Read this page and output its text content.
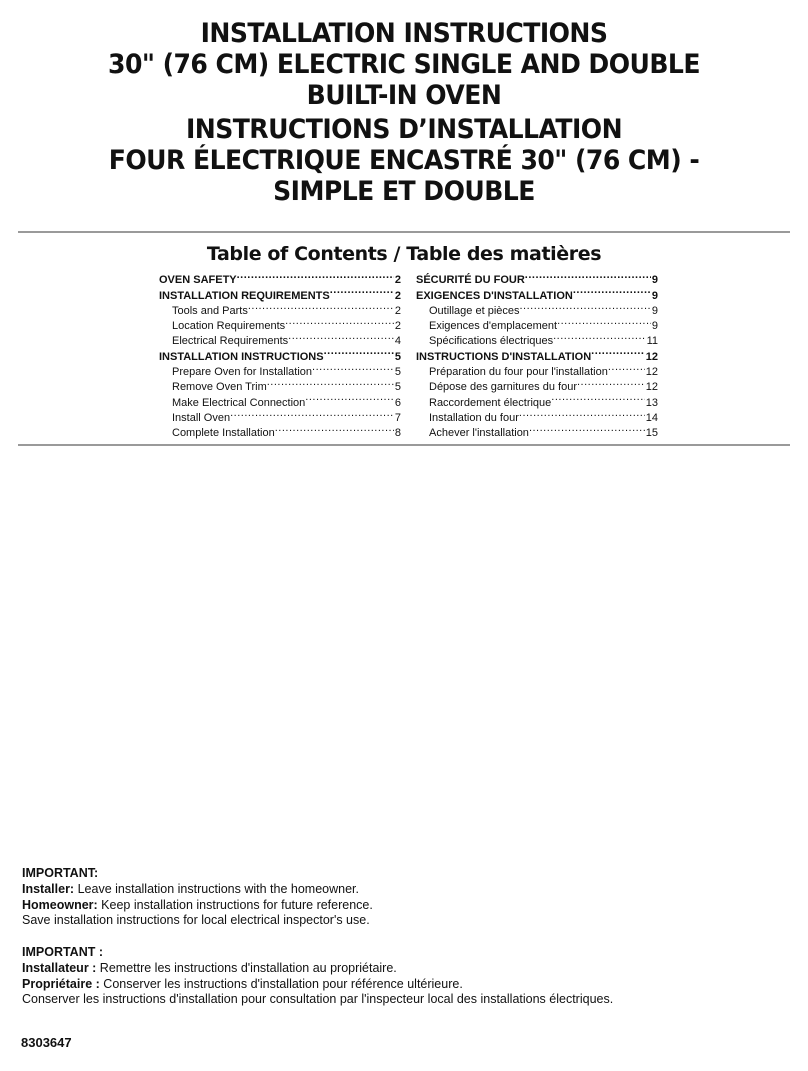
INSTALLATION INSTRUCTIONS
30" (76 CM) ELECTRIC SINGLE AND DOUBLE
BUILT-IN OVEN
INSTRUCTIONS D’INSTALLATION
FOUR ÉLECTRIQUE ENCASTRÉ 30" (76 CM) -
SIMPLE ET DOUBLE
Table of Contents / Table des matières
OVEN SAFETY .....	2
INSTALLATION REQUIREMENTS .....	2
Tools and Parts .....	2
Location Requirements .....	2
Electrical Requirements .....	4
INSTALLATION INSTRUCTIONS .....	5
Prepare Oven for Installation .....	5
Remove Oven Trim .....	5
Make Electrical Connection .....	6
Install Oven .....	7
Complete Installation .....	8
SÉCURITÉ DU FOUR .....	9
EXIGENCES D'INSTALLATION .....	9
Outillage et pièces .....	9
Exigences d'emplacement .....	9
Spécifications électriques .....	11
INSTRUCTIONS D'INSTALLATION .....	12
Préparation du four pour l'installation .....	12
Dépose des garnitures du four .....	12
Raccordement électrique .....	13
Installation du four .....	14
Achever l'installation .....	15

IMPORTANT:

Installer: Leave installation instructions with the homeowner.

Homeowner: Keep installation instructions for future reference.

Save installation instructions for local electrical inspector's use.

IMPORTANT :

Installateur : Remettre les instructions d'installation au propriétaire.

Propriétaire : Conserver les instructions d'installation pour référence ultérieure.

Conserver les instructions d'installation pour consultation par l'inspecteur local des installations électriques.

8303647
